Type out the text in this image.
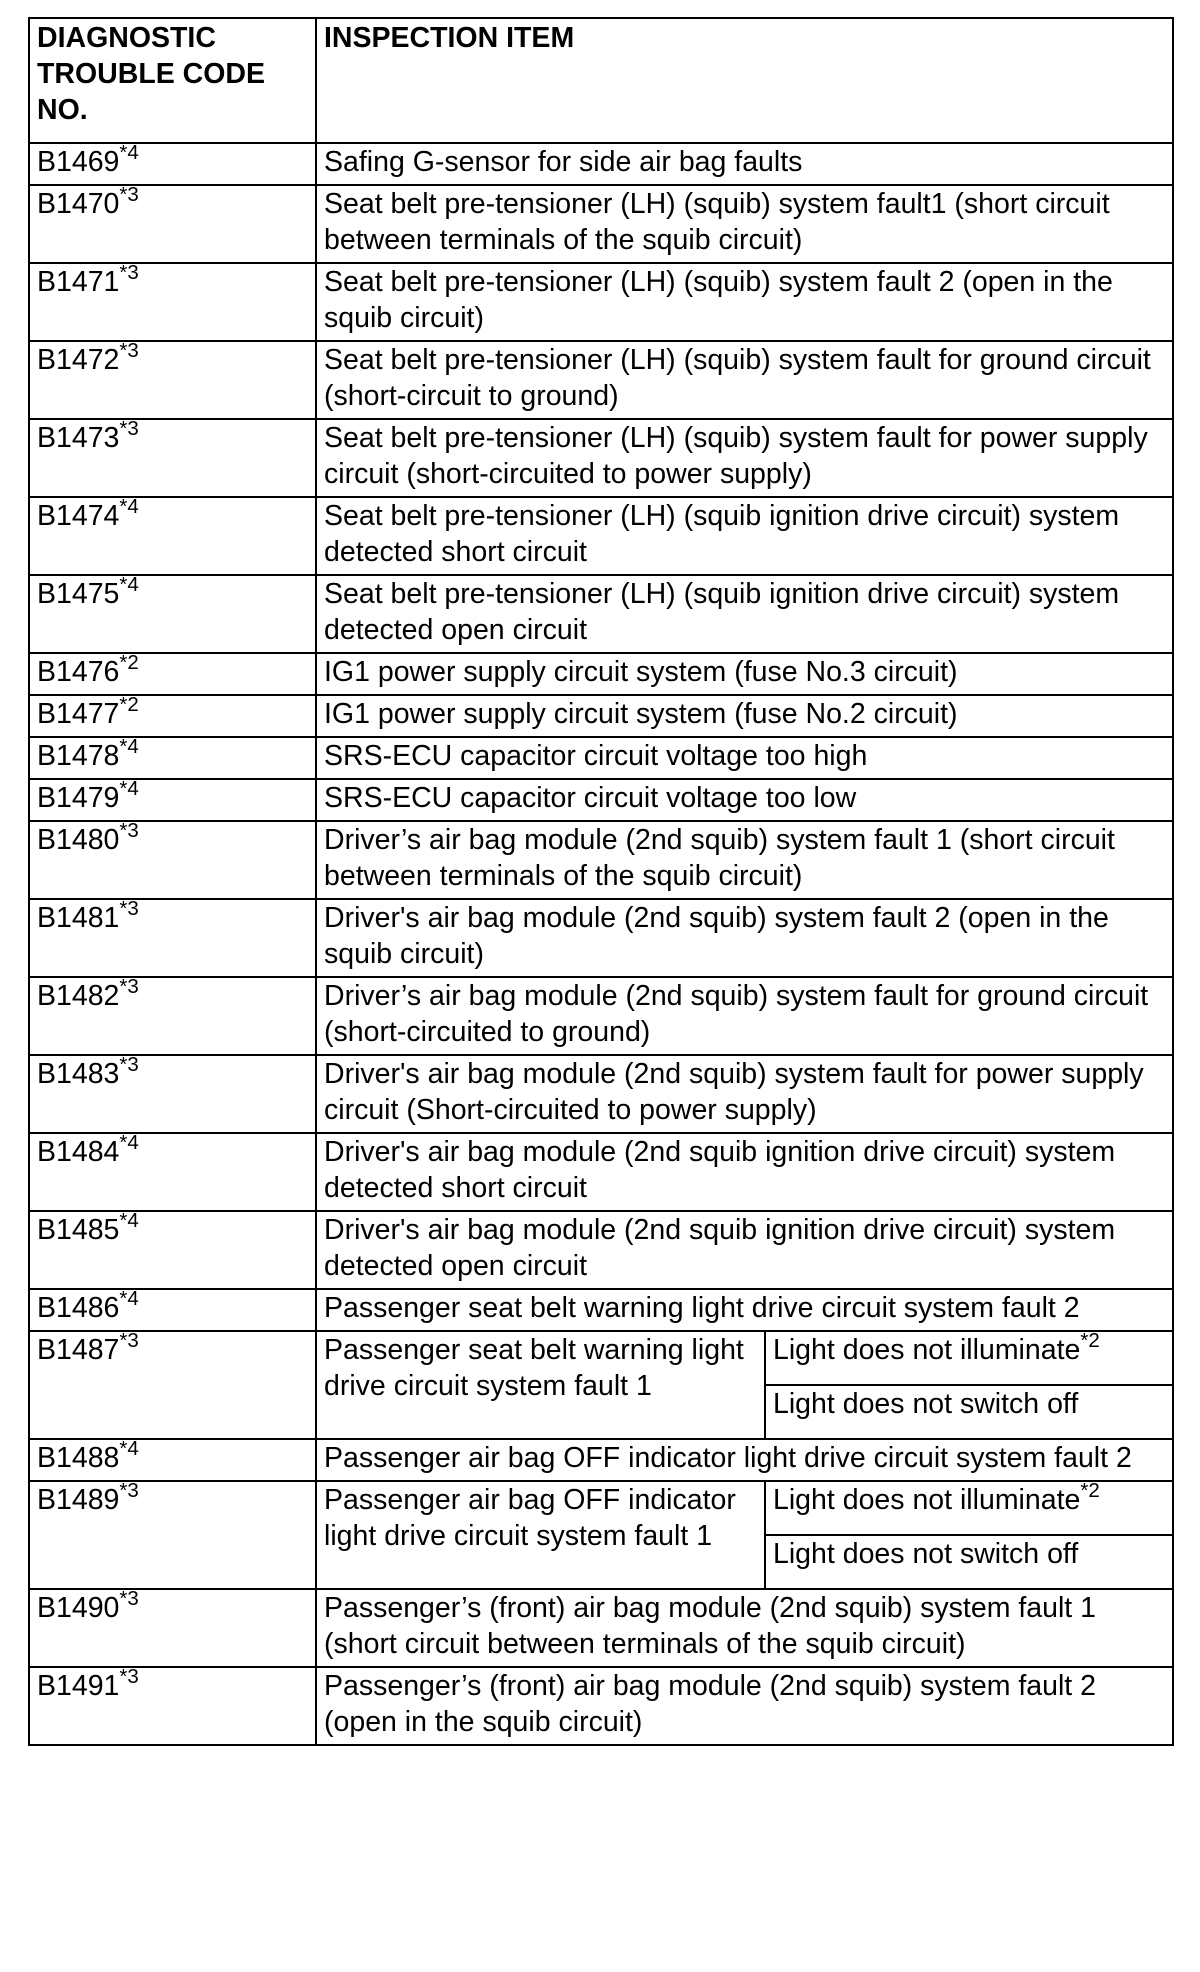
DIAGNOSTIC TROUBLE CODE NO.	INSPECTION ITEM	
B1469$^{*4}$	Safing G-sensor for side air bag faults	
B1470$^{*3}$	Seat belt pre-tensioner (LH) (squib) system fault1 (short circuit between terminals of the squib circuit)	
B1471$^{*3}$	Seat belt pre-tensioner (LH) (squib) system fault 2 (open in the squib circuit)	
B1472$^{*3}$	Seat belt pre-tensioner (LH) (squib) system fault for ground circuit (short-circuit to ground)	
B1473$^{*3}$	Seat belt pre-tensioner (LH) (squib) system fault for power supply circuit (short-circuited to power supply)	
B1474$^{*4}$	Seat belt pre-tensioner (LH) (squib ignition drive circuit) system detected short circuit	
B1475$^{*4}$	Seat belt pre-tensioner (LH) (squib ignition drive circuit) system detected open circuit	
B1476$^{*2}$	IG1 power supply circuit system (fuse No.3 circuit)	
B1477$^{*2}$	IG1 power supply circuit system (fuse No.2 circuit)	
B1478$^{*4}$	SRS-ECU capacitor circuit voltage too high	
B1479$^{*4}$	SRS-ECU capacitor circuit voltage too low	
B1480$^{*3}$	Driver’s air bag module (2nd squib) system fault 1 (short circuit between terminals of the squib circuit)	
B1481$^{*3}$	Driver's air bag module (2nd squib) system fault 2 (open in the squib circuit)	
B1482$^{*3}$	Driver’s air bag module (2nd squib) system fault for ground circuit (short-circuited to ground)	
B1483$^{*3}$	Driver's air bag module (2nd squib) system fault for power supply circuit (Short-circuited to power supply)	
B1484$^{*4}$	Driver's air bag module (2nd squib ignition drive circuit) system detected short circuit	
B1485$^{*4}$	Driver's air bag module (2nd squib ignition drive circuit) system detected open circuit	
B1486$^{*4}$	Passenger seat belt warning light drive circuit system fault 2	
B1487$^{*3}$	Passenger seat belt warning light drive circuit system fault 1	Light does not illuminate$^{*2}$
		Light does not switch off
B1488$^{*4}$	Passenger air bag OFF indicator light drive circuit system fault 2	
B1489$^{*3}$	Passenger air bag OFF indicator light drive circuit system fault 1	Light does not illuminate$^{*2}$
		Light does not switch off
B1490$^{*3}$	Passenger’s (front) air bag module (2nd squib) system fault 1 (short circuit between terminals of the squib circuit)	
B1491$^{*3}$	Passenger’s (front) air bag module (2nd squib) system fault 2 (open in the squib circuit)	
